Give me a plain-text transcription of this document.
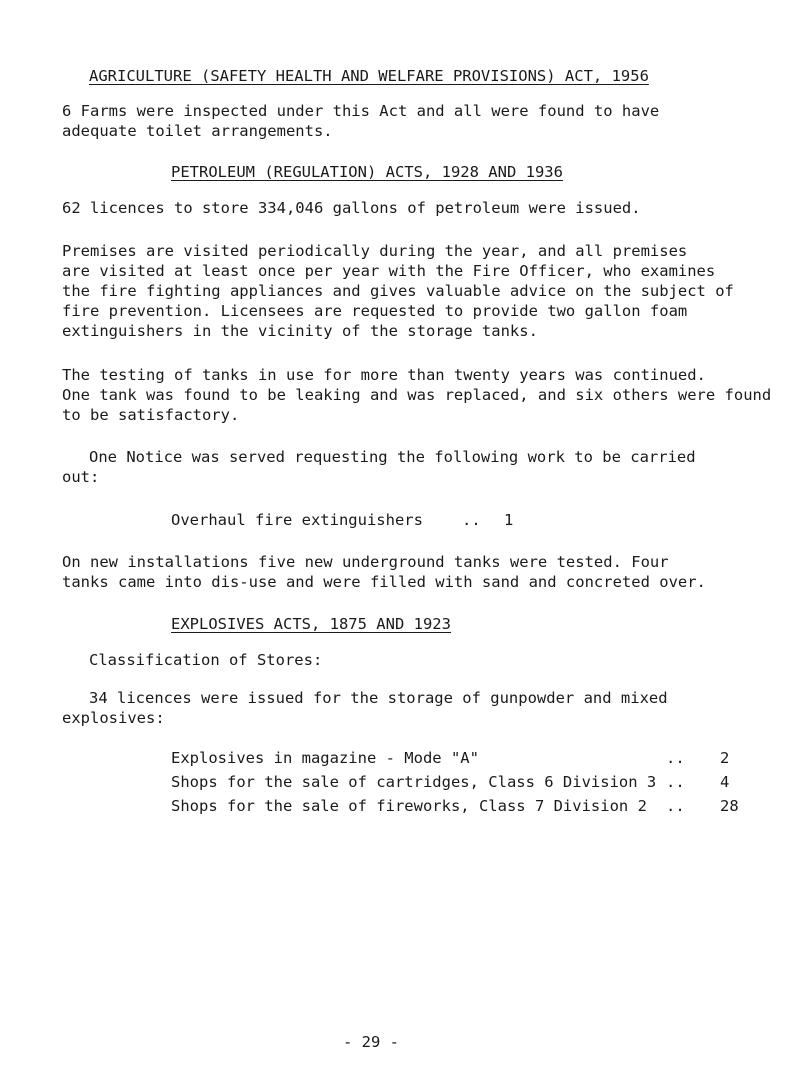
AGRICULTURE (SAFETY HEALTH AND WELFARE PROVISIONS) ACT, 1956
6 Farms were inspected under this Act and all were found to have
adequate toilet arrangements.
PETROLEUM (REGULATION) ACTS, 1928 AND 1936
62 licences to store 334,046 gallons of petroleum were issued.
Premises are visited periodically during the year, and all premises
are visited at least once per year with the Fire Officer, who examines
the fire fighting appliances and gives valuable advice on the subject of
fire prevention. Licensees are requested to provide two gallon foam
extinguishers in the vicinity of the storage tanks.
The testing of tanks in use for more than twenty years was continued.
One tank was found to be leaking and was replaced, and six others were found
to be satisfactory.
One Notice was served requesting the following work to be carried
out:
Overhaul fire extinguishers	.. 1
On new installations five new underground tanks were tested. Four
tanks came into dis-use and were filled with sand and concreted over.
EXPLOSIVES ACTS, 1875 AND 1923
Classification of Stores:
34 licences were issued for the storage of gunpowder and mixed
explosives:
Explosives in magazine - Mode "A"	.. 2
Shops for the sale of cartridges, Class 6 Division 3 .. 4
Shops for the sale of fireworks, Class 7 Division 2 .. 28
- 29 -
